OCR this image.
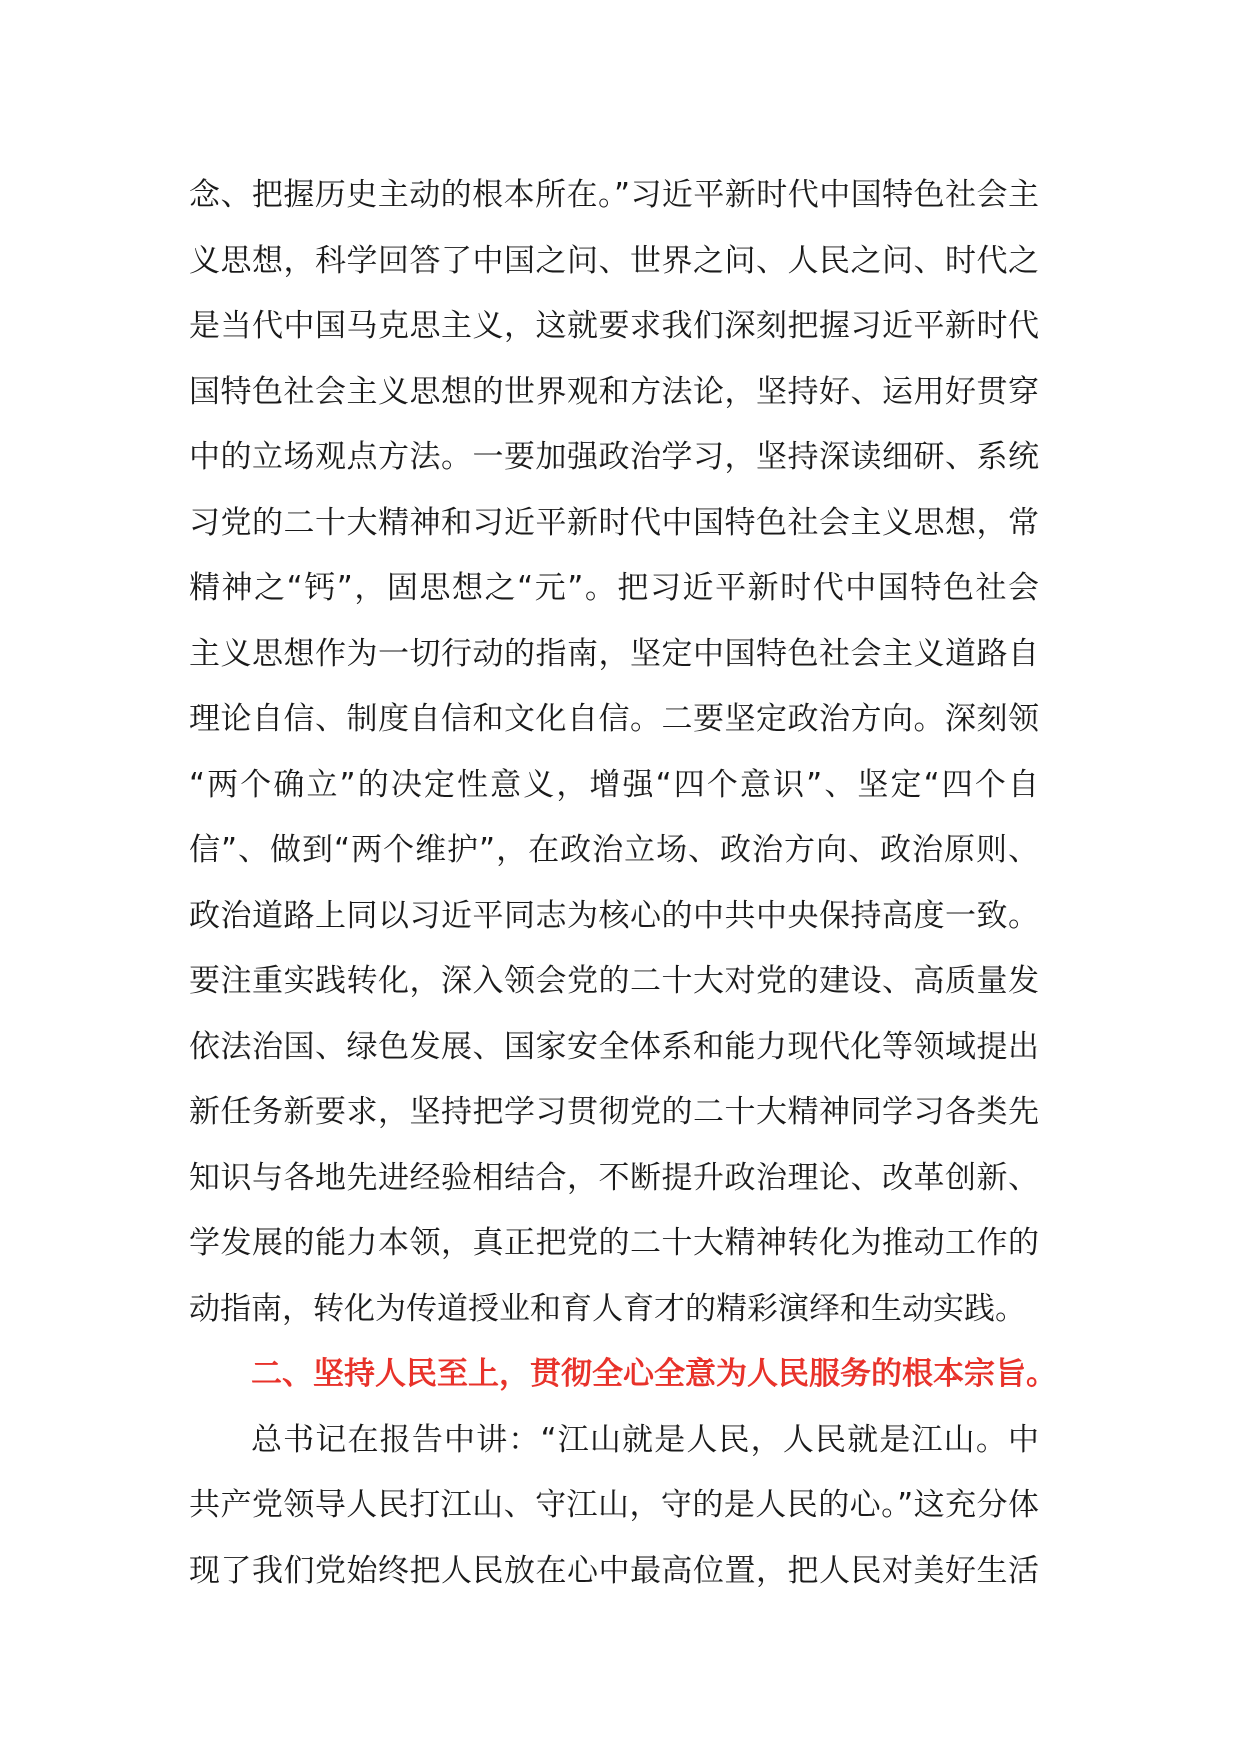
念、把握历史主动的根本所在。”习近平新时代中国特色社会主
义思想，科学回答了中国之问、世界之问、人民之问、时代之
是当代中国马克思主义，这就要求我们深刻把握习近平新时代
国特色社会主义思想的世界观和方法论，坚持好、运用好贯穿
中的立场观点方法。一要加强政治学习，坚持深读细研、系统
习党的二十大精神和习近平新时代中国特色社会主义思想，常
精神之“钙”，固思想之“元”。把习近平新时代中国特色社会
主义思想作为一切行动的指南，坚定中国特色社会主义道路自
理论自信、制度自信和文化自信。二要坚定政治方向。深刻领
“两个确立”的决定性意义，增强“四个意识”、坚定“四个自
信”、做到“两个维护”，在政治立场、政治方向、政治原则、
政治道路上同以习近平同志为核心的中共中央保持高度一致。
要注重实践转化，深入领会党的二十大对党的建设、高质量发
依法治国、绿色发展、国家安全体系和能力现代化等领域提出
新任务新要求，坚持把学习贯彻党的二十大精神同学习各类先
知识与各地先进经验相结合，不断提升政治理论、改革创新、
学发展的能力本领，真正把党的二十大精神转化为推动工作的
动指南，转化为传道授业和育人育才的精彩演绎和生动实践。
二、坚持人民至上，贯彻全心全意为人民服务的根本宗旨。
总书记在报告中讲：“江山就是人民，人民就是江山。中
共产党领导人民打江山、守江山，守的是人民的心。”这充分体
现了我们党始终把人民放在心中最高位置，把人民对美好生活
